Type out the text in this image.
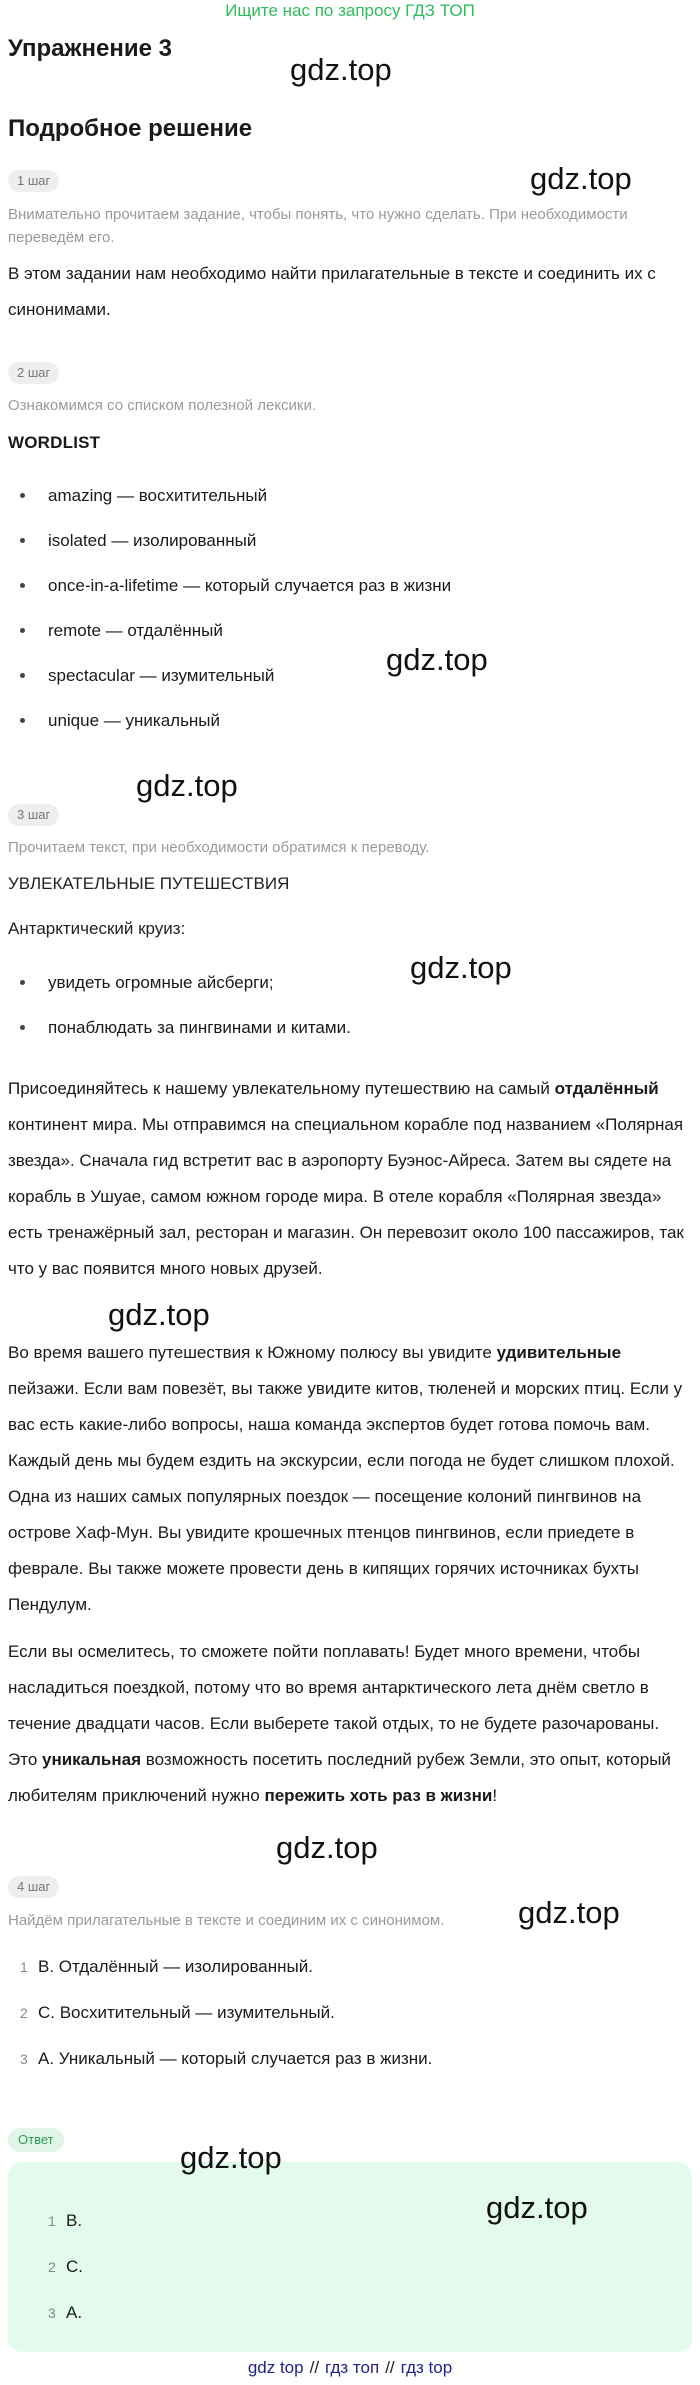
Ищите нас по запросу ГДЗ ТОП
Упражнение 3
gdz.top
Подробное решение
1 шаг	gdz.top
Внимательно прочитаем задание, чтобы понять, что нужно сделать. При необходимости переведём его.
В этом задании нам необходимо найти прилагательные в тексте и соединить их с синонимами.
2 шаг
Ознакомимся со списком полезной лексики.
WORDLIST
amazing — восхитительный
isolated — изолированный
once-in-a-lifetime — который случается раз в жизни
remote — отдалённый
spectacular — изумительный
unique — уникальный
gdz.top
gdz.top
3 шаг
Прочитаем текст, при необходимости обратимся к переводу.
УВЛЕКАТЕЛЬНЫЕ ПУТЕШЕСТВИЯ
Антарктический круиз:
gdz.top
увидеть огромные айсберги;
понаблюдать за пингвинами и китами.
Присоединяйтесь к нашему увлекательному путешествию на самый отдалённый континент мира. Мы отправимся на специальном корабле под названием «Полярная звезда». Сначала гид встретит вас в аэропорту Буэнос-Айреса. Затем вы сядете на корабль в Ушуае, самом южном городе мира. В отеле корабля «Полярная звезда» есть тренажёрный зал, ресторан и магазин. Он перевозит около 100 пассажиров, так что у вас появится много новых друзей.
gdz.top
Во время вашего путешествия к Южному полюсу вы увидите удивительные пейзажи. Если вам повезёт, вы также увидите китов, тюленей и морских птиц. Если у вас есть какие-либо вопросы, наша команда экспертов будет готова помочь вам. Каждый день мы будем ездить на экскурсии, если погода не будет слишком плохой. Одна из наших самых популярных поездок — посещение колоний пингвинов на острове Хаф-Мун. Вы увидите крошечных птенцов пингвинов, если приедете в феврале. Вы также можете провести день в кипящих горячих источниках бухты Пендулум.
Если вы осмелитесь, то сможете пойти поплавать! Будет много времени, чтобы насладиться поездкой, потому что во время антарктического лета днём светло в течение двадцати часов. Если выберете такой отдых, то не будете разочарованы. Это уникальная возможность посетить последний рубеж Земли, это опыт, который любителям приключений нужно пережить хоть раз в жизни!
gdz.top
4 шаг
gdz.top
Найдём прилагательные в тексте и соединим их с синонимом.
1 B. Отдалённый — изолированный.
2 C. Восхитительный — изумительный.
3 A. Уникальный — который случается раз в жизни.
Ответ
gdz.top
gdz.top
1 B.
2 C.
3 A.
gdz top // гдз топ // гдз top
